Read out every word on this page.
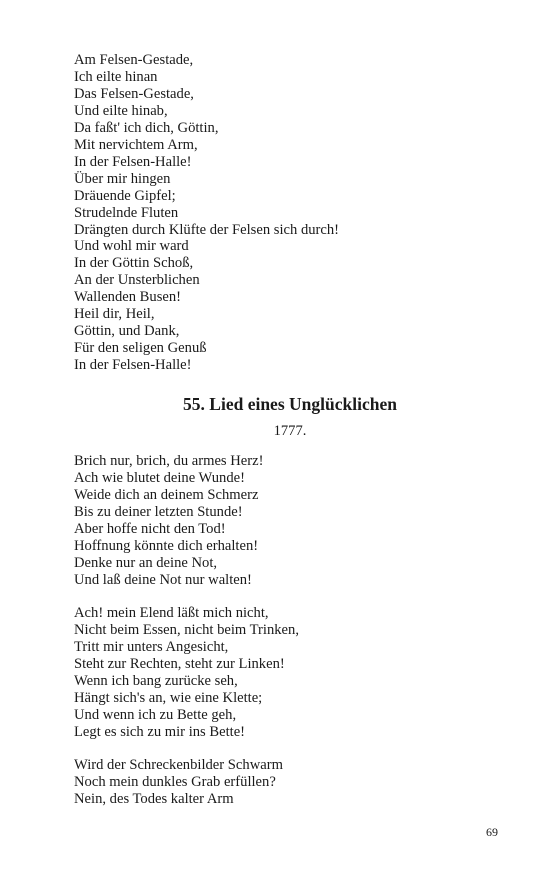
Am Felsen-Gestade,
Ich eilte hinan
Das Felsen-Gestade,
Und eilte hinab,
Da faßt' ich dich, Göttin,
Mit nervichtem Arm,
In der Felsen-Halle!
Über mir hingen
Dräuende Gipfel;
Strudelnde Fluten
Drängten durch Klüfte der Felsen sich durch!
Und wohl mir ward
In der Göttin Schoß,
An der Unsterblichen
Wallenden Busen!
Heil dir, Heil,
Göttin, und Dank,
Für den seligen Genuß
In der Felsen-Halle!
55. Lied eines Unglücklichen
1777.
Brich nur, brich, du armes Herz!
Ach wie blutet deine Wunde!
Weide dich an deinem Schmerz
Bis zu deiner letzten Stunde!
Aber hoffe nicht den Tod!
Hoffnung könnte dich erhalten!
Denke nur an deine Not,
Und laß deine Not nur walten!
Ach! mein Elend läßt mich nicht,
Nicht beim Essen, nicht beim Trinken,
Tritt mir unters Angesicht,
Steht zur Rechten, steht zur Linken!
Wenn ich bang zurücke seh,
Hängt sich's an, wie eine Klette;
Und wenn ich zu Bette geh,
Legt es sich zu mir ins Bette!
Wird der Schreckenbilder Schwarm
Noch mein dunkles Grab erfüllen?
Nein, des Todes kalter Arm
69
